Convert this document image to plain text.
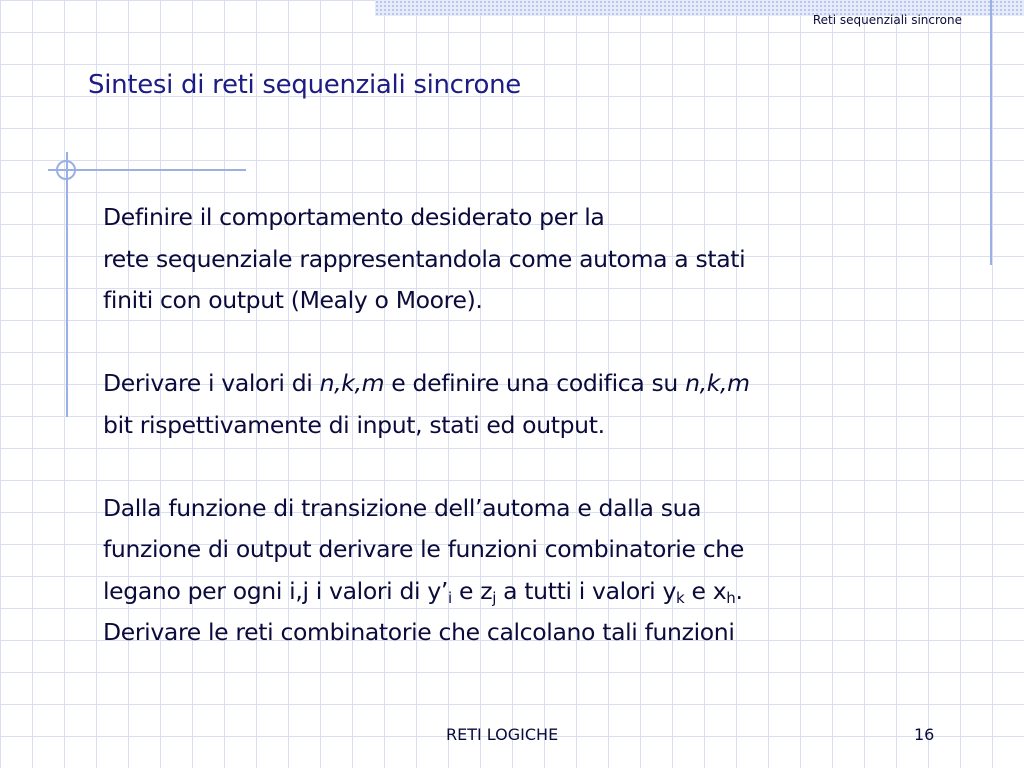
Reti sequenziali sincrone
Sintesi di reti sequenziali sincrone

Definire il comportamento desiderato per la

rete sequenziale rappresentandola come automa a stati

finiti con output (Mealy o Moore).

Derivare i valori di n,k,m e definire una codifica su n,k,m

bit rispettivamente di input, stati ed output.

Dalla funzione di transizione dell’automa e dalla sua

funzione di output derivare le funzioni combinatorie che

legano per ogni i,j i valori di $y’_i$ e $z_j$ a tutti i valori $y_k$ e $x_h$.

Derivare le reti combinatorie che calcolano tali funzioni

RETI LOGICHE	16
